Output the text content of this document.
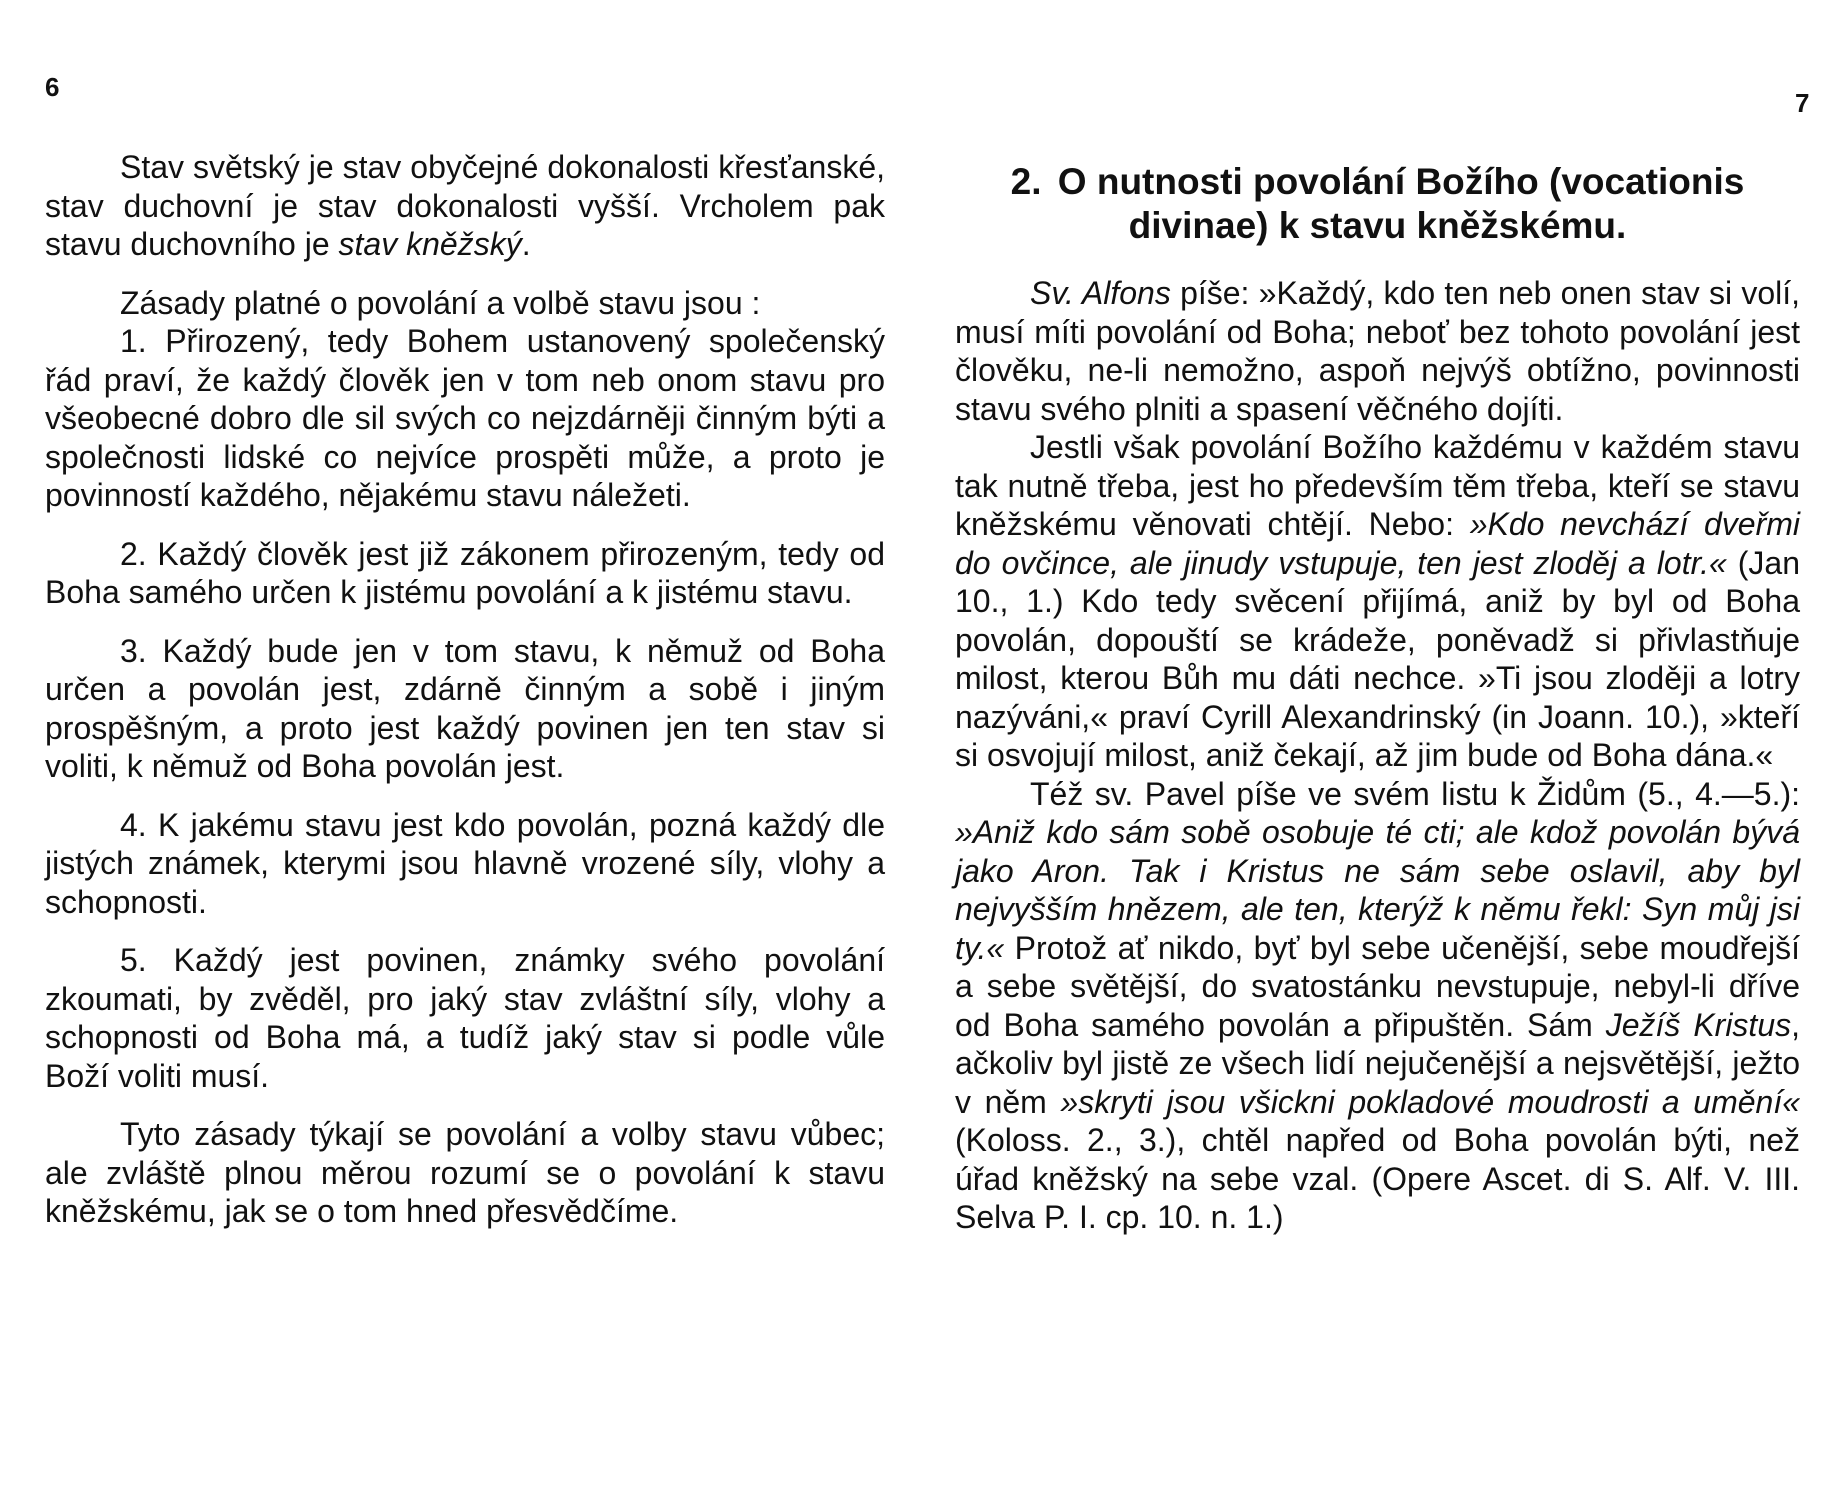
6

Stav světský je stav obyčejné dokonalosti křesťanské, stav duchovní je stav dokonalosti vyšší. Vrcholem pak stavu duchovního je stav kněžský.

Zásady platné o povolání a volbě stavu jsou :

1. Přirozený, tedy Bohem ustanovený společenský řád praví, že každý člověk jen v tom neb onom stavu pro všeobecné dobro dle sil svých co nejzdárněji činným býti a společnosti lidské co nejvíce prospěti může, a proto je povinností každého, nějakému stavu náležeti.

2. Každý člověk jest již zákonem přirozeným, tedy od Boha samého určen k jistému povolání a k jistému stavu.

3. Každý bude jen v tom stavu, k němuž od Boha určen a povolán jest, zdárně činným a sobě i jiným prospěšným, a proto jest každý povinen jen ten stav si voliti, k němuž od Boha povolán jest.

4. K jakému stavu jest kdo povolán, pozná každý dle jistých známek, kterymi jsou hlavně vrozené síly, vlohy a schopnosti.

5. Každý jest povinen, známky svého povolání zkoumati, by zvěděl, pro jaký stav zvláštní síly, vlohy a schopnosti od Boha má, a tudíž jaký stav si podle vůle Boží voliti musí.

Tyto zásady týkají se povolání a volby stavu vůbec; ale zvláště plnou měrou rozumí se o povolání k stavu kněžskému, jak se o tom hned přesvědčíme.

7
2. O nutnosti povolání Božího (vocationis divinae) k stavu kněžskému.

Sv. Alfons píše: »Každý, kdo ten neb onen stav si volí, musí míti povolání od Boha; neboť bez tohoto povolání jest člověku, ne-li nemožno, aspoň nejvýš obtížno, povinnosti stavu svého plniti a spasení věčného dojíti.

Jestli však povolání Božího každému v každém stavu tak nutně třeba, jest ho především těm třeba, kteří se stavu kněžskému věnovati chtějí. Nebo: »Kdo nevchází dveřmi do ovčince, ale jinudy vstupuje, ten jest zloděj a lotr.« (Jan 10., 1.) Kdo tedy svěcení přijímá, aniž by byl od Boha povolán, dopouští se krádeže, poněvadž si přivlastňuje milost, kterou Bůh mu dáti nechce. »Ti jsou zloději a lotry nazýváni,« praví Cyrill Alexandrinský (in Joann. 10.), »kteří si osvojují milost, aniž čekají, až jim bude od Boha dána.«

Též sv. Pavel píše ve svém listu k Židům (5., 4.—5.): »Aniž kdo sám sobě osobuje té cti; ale kdož povolán bývá jako Aron. Tak i Kristus ne sám sebe oslavil, aby byl nejvyšším hnězem, ale ten, kterýž k němu řekl: Syn můj jsi ty.« Protož ať nikdo, byť byl sebe učenější, sebe moudřejší a sebe světější, do svatostánku nevstupuje, nebyl-li dříve od Boha samého povolán a připuštěn. Sám Ježíš Kristus, ačkoliv byl jistě ze všech lidí nejučenější a nejsvětější, ježto v něm »skryti jsou všickni pokladové moudrosti a umění« (Koloss. 2., 3.), chtěl napřed od Boha povolán býti, než úřad kněžský na sebe vzal. (Opere Ascet. di S. Alf. V. III. Selva P. I. cp. 10. n. 1.)
